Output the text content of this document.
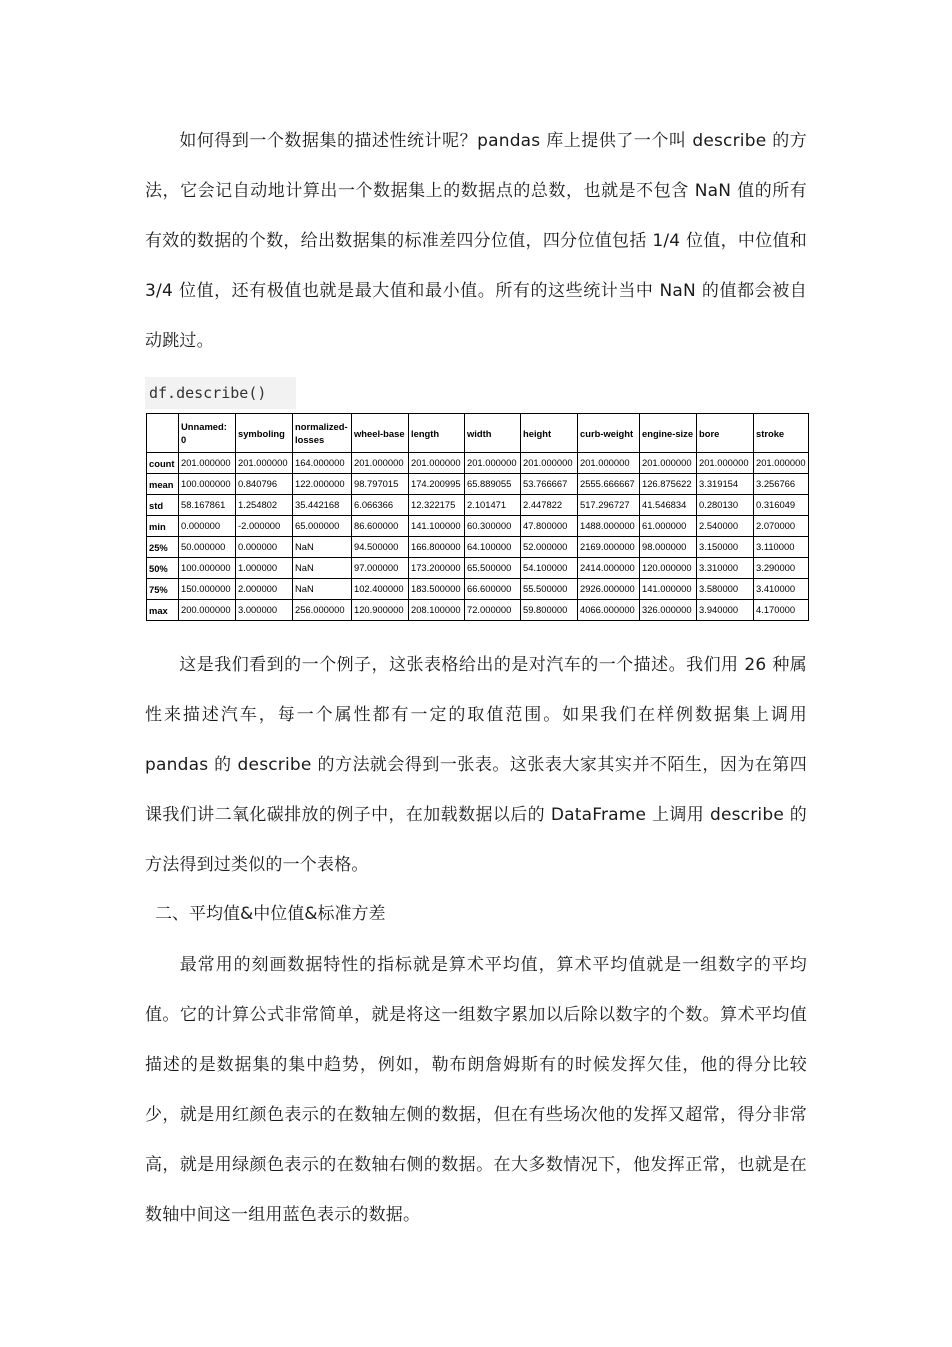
如何得到一个数据集的描述性统计呢？pandas 库上提供了一个叫 describe 的方法，它会记自动地计算出一个数据集上的数据点的总数，也就是不包含 NaN 值的所有有效的数据的个数，给出数据集的标准差四分位值，四分位值包括 1/4 位值，中位值和 3/4 位值，还有极值也就是最大值和最小值。所有的这些统计当中 NaN 的值都会被自动跳过。

df.describe()
	Unnamed: 0	symboling	normalized-losses	wheel-base	length	width	height	curb-weight	engine-size	bore	stroke
count	201.000000	201.000000	164.000000	201.000000	201.000000	201.000000	201.000000	201.000000	201.000000	201.000000	201.000000
mean	100.000000	0.840796	122.000000	98.797015	174.200995	65.889055	53.766667	2555.666667	126.875622	3.319154	3.256766
std	58.167861	1.254802	35.442168	6.066366	12.322175	2.101471	2.447822	517.296727	41.546834	0.280130	0.316049
min	0.000000	-2.000000	65.000000	86.600000	141.100000	60.300000	47.800000	1488.000000	61.000000	2.540000	2.070000
25%	50.000000	0.000000	NaN	94.500000	166.800000	64.100000	52.000000	2169.000000	98.000000	3.150000	3.110000
50%	100.000000	1.000000	NaN	97.000000	173.200000	65.500000	54.100000	2414.000000	120.000000	3.310000	3.290000
75%	150.000000	2.000000	NaN	102.400000	183.500000	66.600000	55.500000	2926.000000	141.000000	3.580000	3.410000
max	200.000000	3.000000	256.000000	120.900000	208.100000	72.000000	59.800000	4066.000000	326.000000	3.940000	4.170000

这是我们看到的一个例子，这张表格给出的是对汽车的一个描述。我们用 26 种属性来描述汽车，每一个属性都有一定的取值范围。如果我们在样例数据集上调用 pandas 的 describe 的方法就会得到一张表。这张表大家其实并不陌生，因为在第四课我们讲二氧化碳排放的例子中，在加载数据以后的 DataFrame 上调用 describe 的方法得到过类似的一个表格。

二、平均值&中位值&标准方差

最常用的刻画数据特性的指标就是算术平均值，算术平均值就是一组数字的平均值。它的计算公式非常简单，就是将这一组数字累加以后除以数字的个数。算术平均值描述的是数据集的集中趋势，例如，勒布朗詹姆斯有的时候发挥欠佳，他的得分比较少，就是用红颜色表示的在数轴左侧的数据，但在有些场次他的发挥又超常，得分非常高，就是用绿颜色表示的在数轴右侧的数据。在大多数情况下，他发挥正常，也就是在数轴中间这一组用蓝色表示的数据。
